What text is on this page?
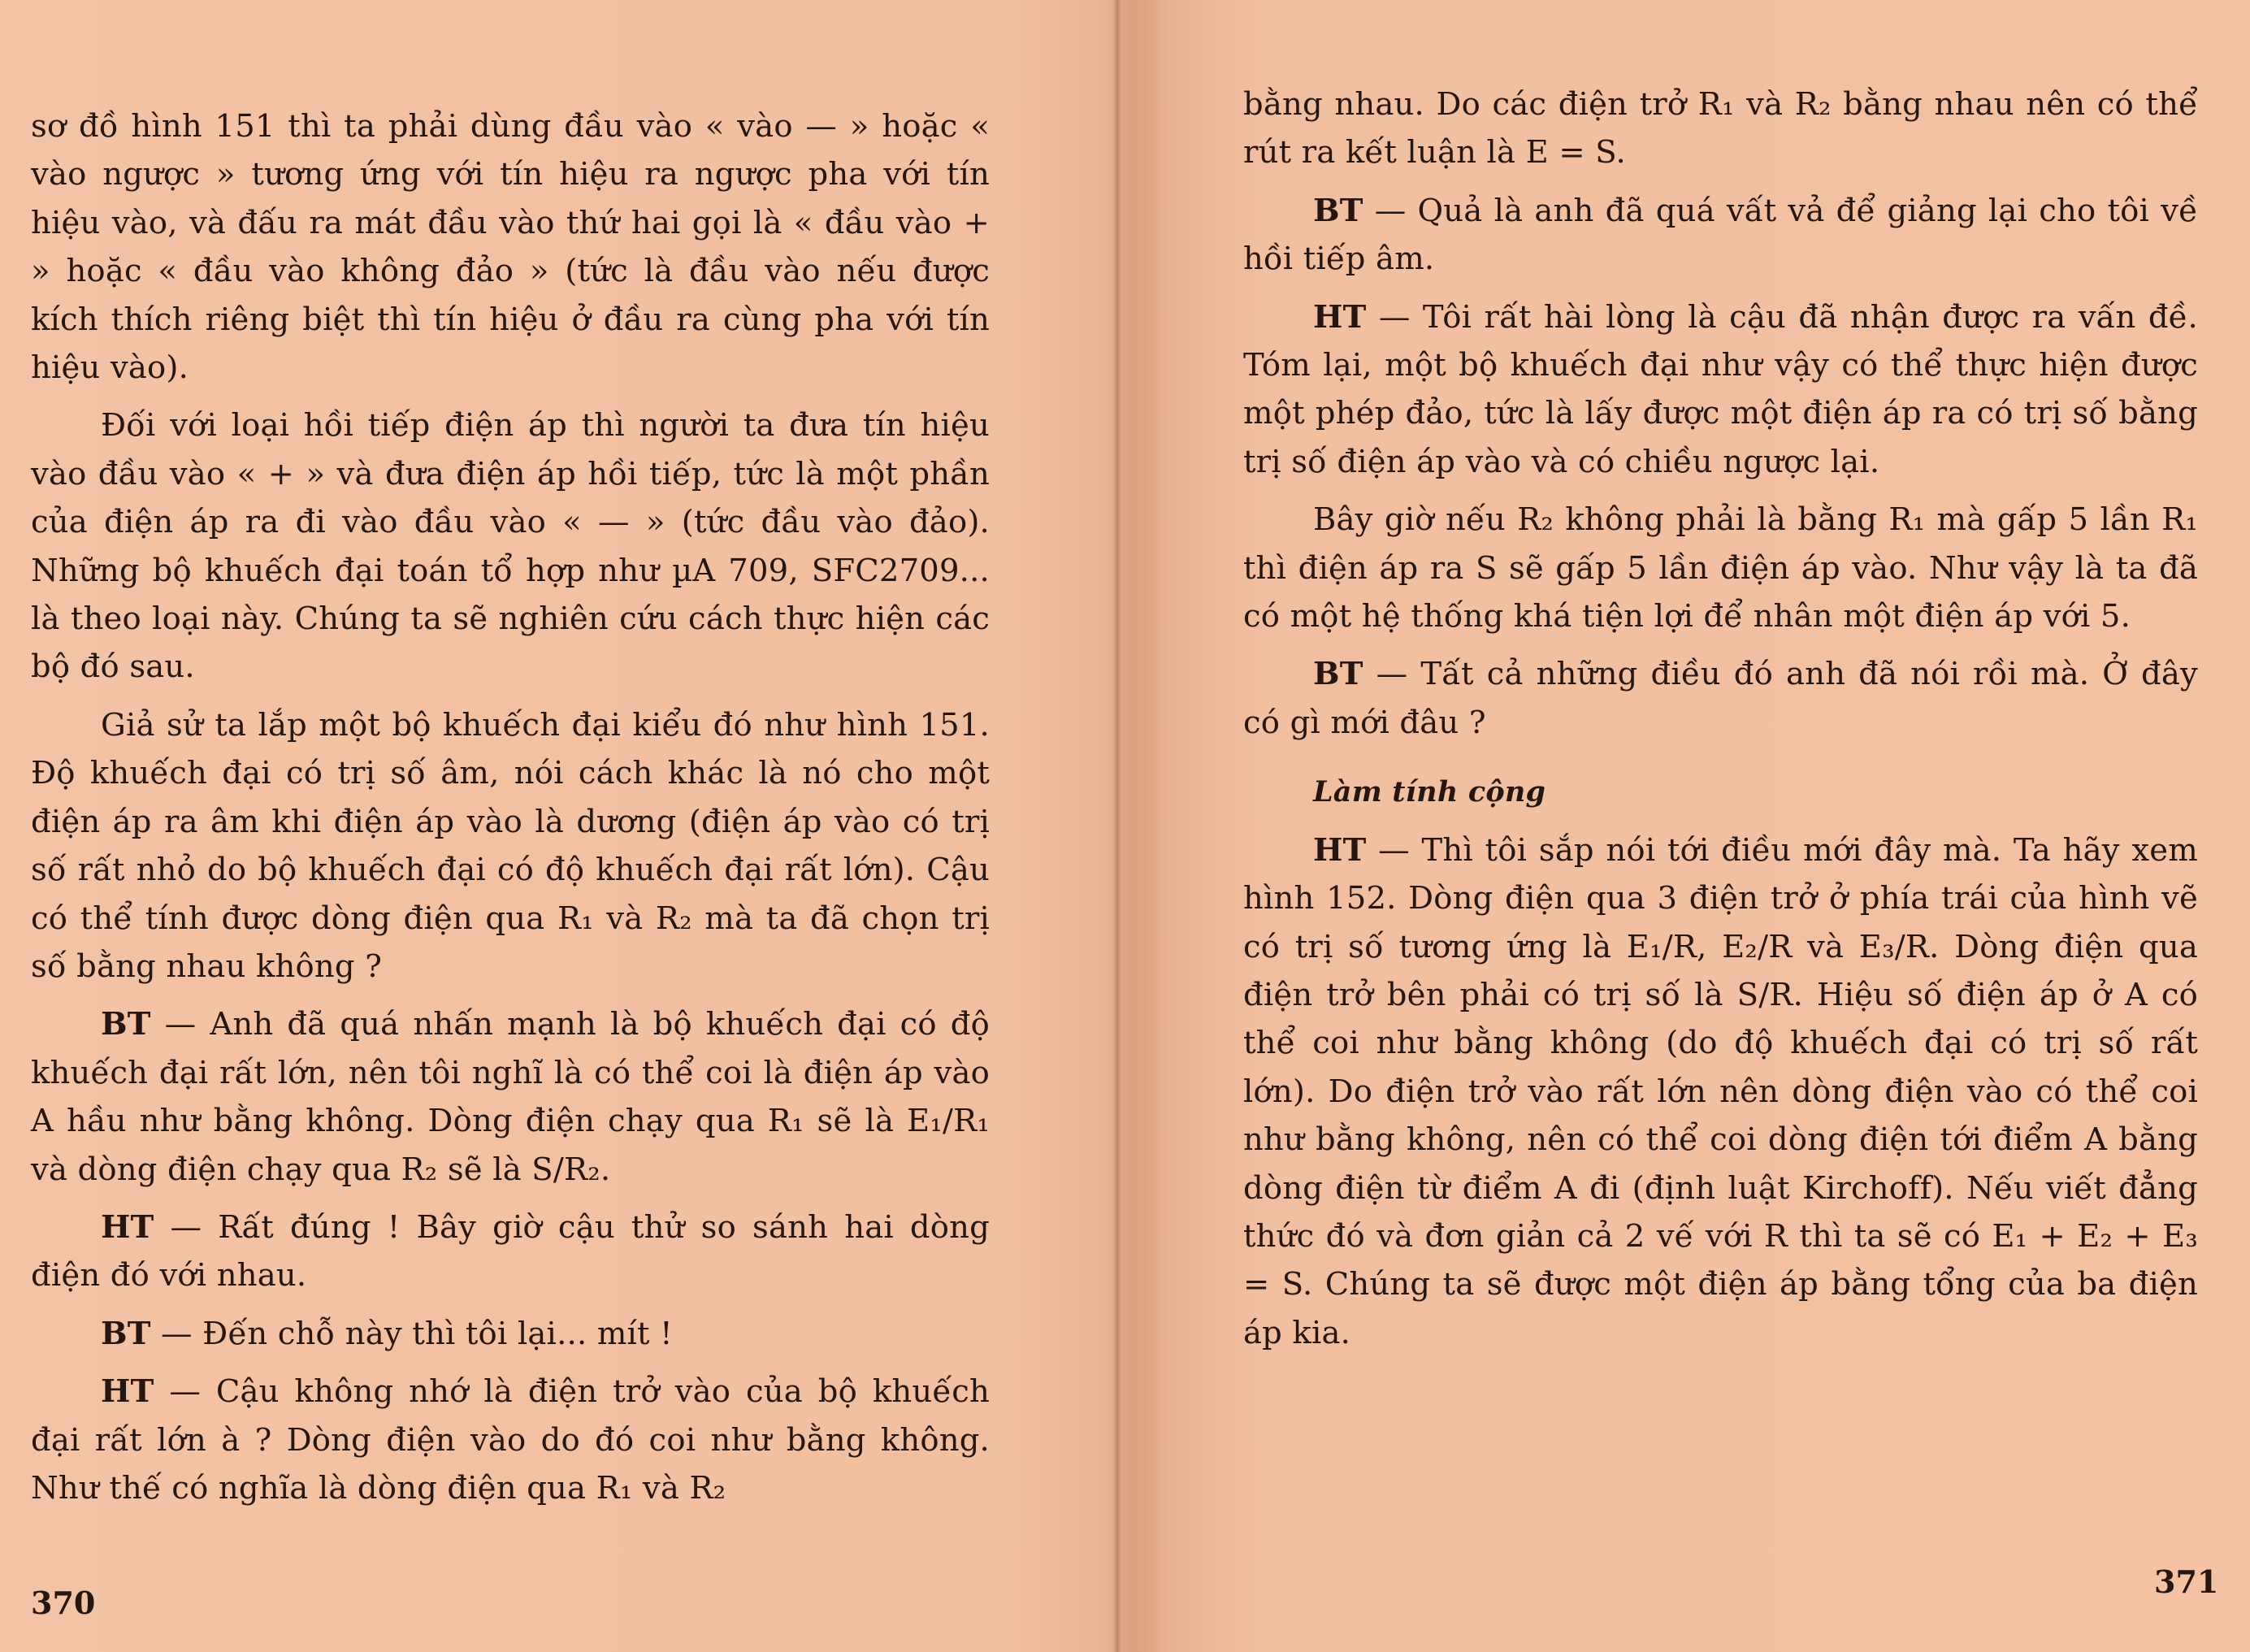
sơ đồ hình 151 thì ta phải dùng đầu vào « vào — » hoặc « vào ngược » tương ứng với tín hiệu ra ngược pha với tín hiệu vào, và đấu ra mát đầu vào thứ hai gọi là « đầu vào + » hoặc « đầu vào không đảo » (tức là đầu vào nếu được kích thích riêng biệt thì tín hiệu ở đầu ra cùng pha với tín hiệu vào).

Đối với loại hồi tiếp điện áp thì người ta đưa tín hiệu vào đầu vào « + » và đưa điện áp hồi tiếp, tức là một phần của điện áp ra đi vào đầu vào « — » (tức đầu vào đảo). Những bộ khuếch đại toán tổ hợp như µA 709, SFC2709... là theo loại này. Chúng ta sẽ nghiên cứu cách thực hiện các bộ đó sau.

Giả sử ta lắp một bộ khuếch đại kiểu đó như hình 151. Độ khuếch đại có trị số âm, nói cách khác là nó cho một điện áp ra âm khi điện áp vào là dương (điện áp vào có trị số rất nhỏ do bộ khuếch đại có độ khuếch đại rất lớn). Cậu có thể tính được dòng điện qua R₁ và R₂ mà ta đã chọn trị số bằng nhau không ?

BT — Anh đã quá nhấn mạnh là bộ khuếch đại có độ khuếch đại rất lớn, nên tôi nghĩ là có thể coi là điện áp vào A hầu như bằng không. Dòng điện chạy qua R₁ sẽ là E₁/R₁ và dòng điện chạy qua R₂ sẽ là S/R₂.

HT — Rất đúng ! Bây giờ cậu thử so sánh hai dòng điện đó với nhau.

BT — Đến chỗ này thì tôi lại... mít !

HT — Cậu không nhớ là điện trở vào của bộ khuếch đại rất lớn à ? Dòng điện vào do đó coi như bằng không. Như thế có nghĩa là dòng điện qua R₁ và R₂

370

bằng nhau. Do các điện trở R₁ và R₂ bằng nhau nên có thể rút ra kết luận là E = S.

BT — Quả là anh đã quá vất vả để giảng lại cho tôi về hồi tiếp âm.

HT — Tôi rất hài lòng là cậu đã nhận được ra vấn đề. Tóm lại, một bộ khuếch đại như vậy có thể thực hiện được một phép đảo, tức là lấy được một điện áp ra có trị số bằng trị số điện áp vào và có chiều ngược lại.

Bây giờ nếu R₂ không phải là bằng R₁ mà gấp 5 lần R₁ thì điện áp ra S sẽ gấp 5 lần điện áp vào. Như vậy là ta đã có một hệ thống khá tiện lợi để nhân một điện áp với 5.

BT — Tất cả những điều đó anh đã nói rồi mà. Ở đây có gì mới đâu ?

Làm tính cộng

HT — Thì tôi sắp nói tới điều mới đây mà. Ta hãy xem hình 152. Dòng điện qua 3 điện trở ở phía trái của hình vẽ có trị số tương ứng là E₁/R, E₂/R và E₃/R. Dòng điện qua điện trở bên phải có trị số là S/R. Hiệu số điện áp ở A có thể coi như bằng không (do độ khuếch đại có trị số rất lớn). Do điện trở vào rất lớn nên dòng điện vào có thể coi như bằng không, nên có thể coi dòng điện tới điểm A bằng dòng điện từ điểm A đi (định luật Kirchoff). Nếu viết đẳng thức đó và đơn giản cả 2 vế với R thì ta sẽ có E₁ + E₂ + E₃ = S. Chúng ta sẽ được một điện áp bằng tổng của ba điện áp kia.

371
